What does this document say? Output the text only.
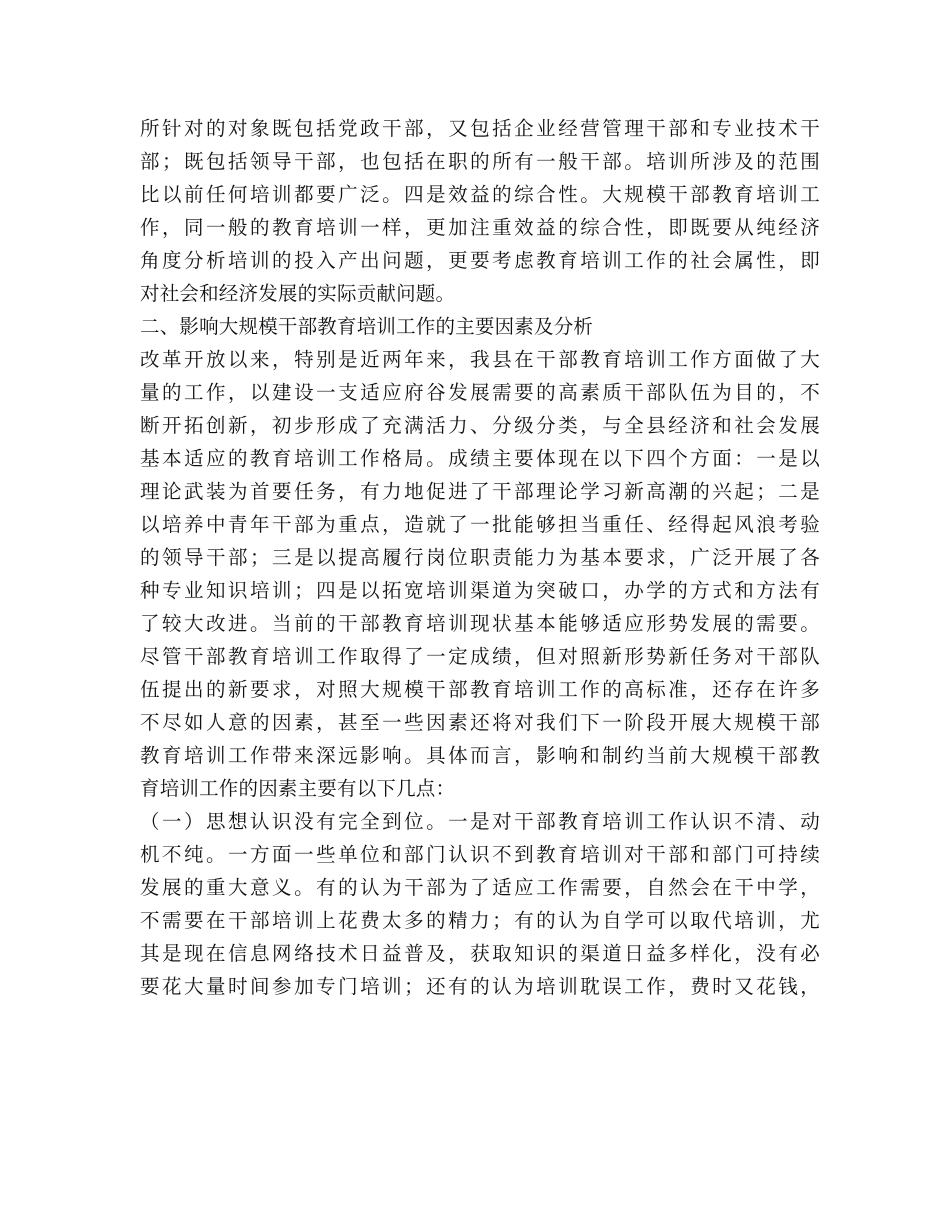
所针对的对象既包括党政干部，又包括企业经营管理干部和专业技术干
部；既包括领导干部，也包括在职的所有一般干部。培训所涉及的范围
比以前任何培训都要广泛。四是效益的综合性。大规模干部教育培训工
作，同一般的教育培训一样，更加注重效益的综合性，即既要从纯经济
角度分析培训的投入产出问题，更要考虑教育培训工作的社会属性，即
对社会和经济发展的实际贡献问题。
二、影响大规模干部教育培训工作的主要因素及分析
改革开放以来，特别是近两年来，我县在干部教育培训工作方面做了大
量的工作，以建设一支适应府谷发展需要的高素质干部队伍为目的，不
断开拓创新，初步形成了充满活力、分级分类，与全县经济和社会发展
基本适应的教育培训工作格局。成绩主要体现在以下四个方面：一是以
理论武装为首要任务，有力地促进了干部理论学习新高潮的兴起；二是
以培养中青年干部为重点，造就了一批能够担当重任、经得起风浪考验
的领导干部；三是以提高履行岗位职责能力为基本要求，广泛开展了各
种专业知识培训；四是以拓宽培训渠道为突破口，办学的方式和方法有
了较大改进。当前的干部教育培训现状基本能够适应形势发展的需要。
尽管干部教育培训工作取得了一定成绩，但对照新形势新任务对干部队
伍提出的新要求，对照大规模干部教育培训工作的高标准，还存在许多
不尽如人意的因素，甚至一些因素还将对我们下一阶段开展大规模干部
教育培训工作带来深远影响。具体而言，影响和制约当前大规模干部教
育培训工作的因素主要有以下几点：
（一）思想认识没有完全到位。一是对干部教育培训工作认识不清、动
机不纯。一方面一些单位和部门认识不到教育培训对干部和部门可持续
发展的重大意义。有的认为干部为了适应工作需要，自然会在干中学，
不需要在干部培训上花费太多的精力；有的认为自学可以取代培训，尤
其是现在信息网络技术日益普及，获取知识的渠道日益多样化，没有必
要花大量时间参加专门培训；还有的认为培训耽误工作，费时又花钱，
